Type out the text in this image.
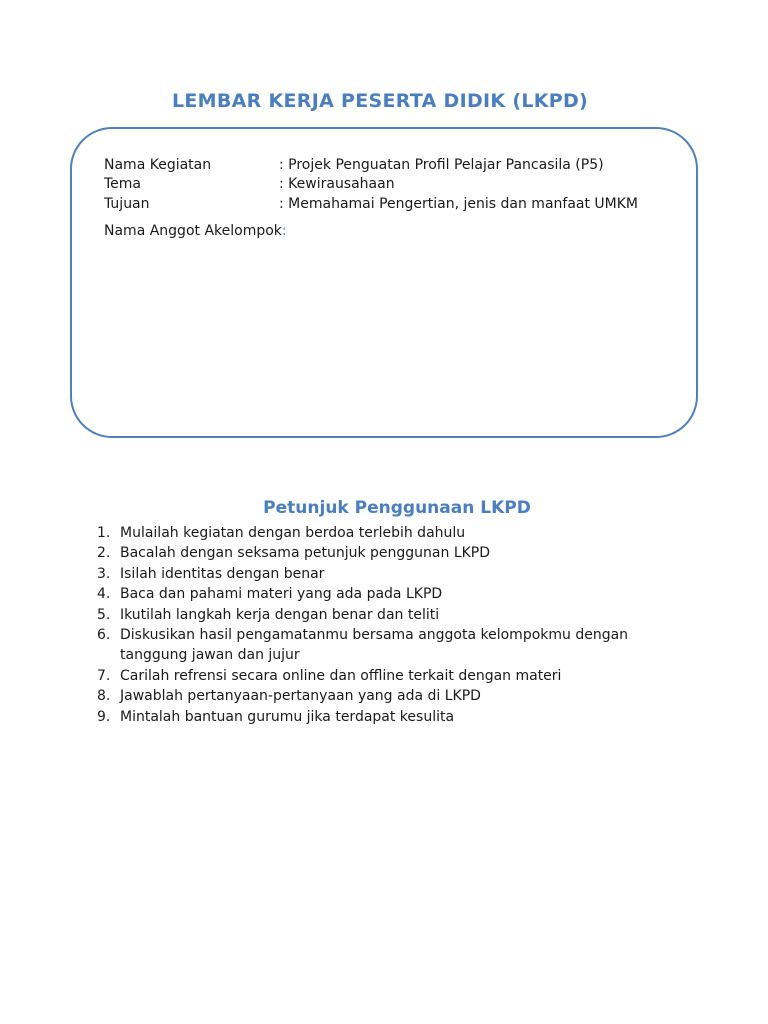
LEMBAR KERJA PESERTA DIDIK (LKPD)
Nama Kegiatan	: Projek Penguatan Profil Pelajar Pancasila (P5)
Tema	: Kewirausahaan
Tujuan	: Memahamai Pengertian, jenis dan manfaat UMKM
Nama Anggot Akelompok:
Petunjuk Penggunaan LKPD
1. Mulailah kegiatan dengan berdoa terlebih dahulu
2. Bacalah dengan seksama petunjuk penggunan LKPD
3. Isilah identitas dengan benar
4. Baca dan pahami materi yang ada pada LKPD
5. Ikutilah langkah kerja dengan benar dan teliti
6. Diskusikan hasil pengamatanmu bersama anggota kelompokmu dengan tanggung jawan dan jujur
7. Carilah refrensi secara online dan offline terkait dengan materi
8. Jawablah pertanyaan-pertanyaan yang ada di LKPD
9. Mintalah bantuan gurumu jika terdapat kesulita
